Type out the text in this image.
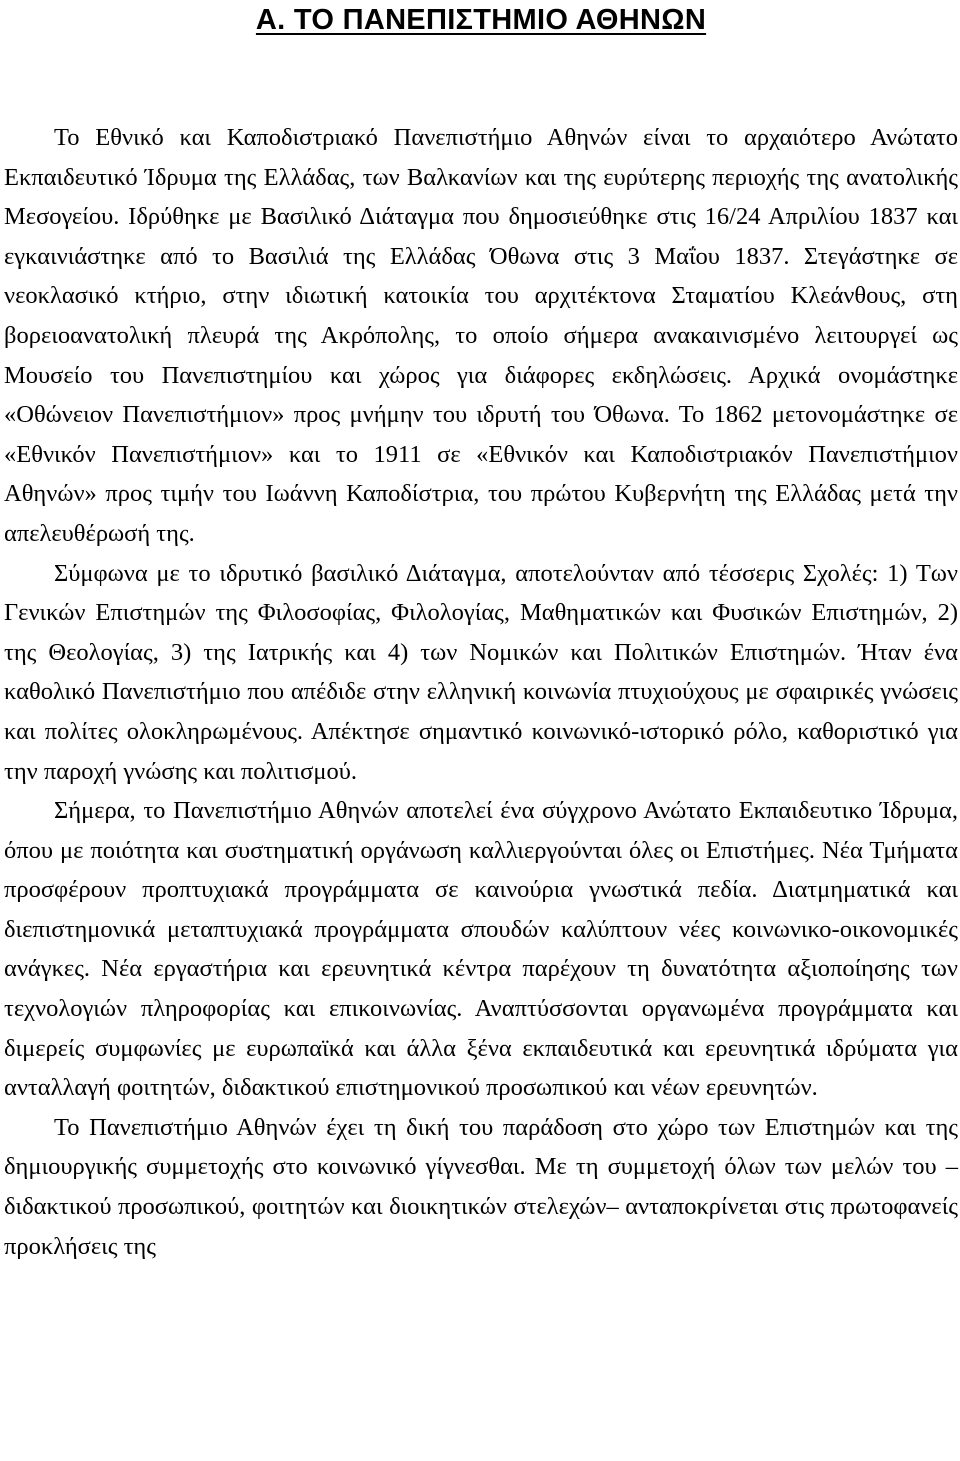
Α. ΤΟ ΠΑΝΕΠΙΣΤΗΜΙΟ ΑΘΗΝΩΝ

Το Εθνικό και Καποδιστριακό Πανεπιστήμιο Αθηνών είναι το αρχαιότερο Ανώτατο Εκπαιδευτικό Ίδρυμα της Ελλάδας, των Βαλκανίων και της ευρύτερης περιοχής της ανατολικής Μεσογείου. Ιδρύθηκε με Βασιλικό Διάταγμα που δημοσιεύθηκε στις 16/24 Απριλίου 1837 και εγκαινιάστηκε από το Βασιλιά της Ελλάδας Όθωνα στις 3 Μαΐου 1837. Στεγάστηκε σε νεοκλασικό κτήριο, στην ιδιωτική κατοικία του αρχιτέκτονα Σταματίου Κλεάνθους, στη βορειοανατολική πλευρά της Ακρόπολης, το οποίο σήμερα ανακαινισμένο λειτουργεί ως Μουσείο του Πανεπιστημίου και χώρος για διάφορες εκδηλώσεις. Αρχικά ονομάστηκε «Οθώνειον Πανεπιστήμιον» προς μνήμην του ιδρυτή του Όθωνα. Το 1862 μετονομάστηκε σε «Εθνικόν Πανεπιστήμιον» και το 1911 σε «Εθνικόν και Καποδιστριακόν Πανεπιστήμιον Αθηνών» προς τιμήν του Ιωάννη Καποδίστρια, του πρώτου Κυβερνήτη της Ελλάδας μετά την απελευθέρωσή της.

Σύμφωνα με το ιδρυτικό βασιλικό Διάταγμα, αποτελούνταν από τέσσερις Σχολές: 1) Των Γενικών Επιστημών της Φιλοσοφίας, Φιλολογίας, Μαθηματικών και Φυσικών Επιστημών, 2) της Θεολογίας, 3) της Ιατρικής και 4) των Νομικών και Πολιτικών Επιστημών. Ήταν ένα καθολικό Πανεπιστήμιο που απέδιδε στην ελληνική κοινωνία πτυχιούχους με σφαιρικές γνώσεις και πολίτες ολοκληρωμένους. Απέκτησε σημαντικό κοινωνικό-ιστορικό ρόλο, καθοριστικό για την παροχή γνώσης και πολιτισμού.

Σήμερα, το Πανεπιστήμιο Αθηνών αποτελεί ένα σύγχρονο Ανώτατο Εκπαιδευτικο Ίδρυμα, όπου με ποιότητα και συστηματική οργάνωση καλλιεργούνται όλες οι Επιστήμες. Νέα Τμήματα προσφέρουν προπτυχιακά προγράμματα σε καινούρια γνωστικά πεδία. Διατμηματικά και διεπιστημονικά μεταπτυχιακά προγράμματα σπουδών καλύπτουν νέες κοινωνικο-οικονομικές ανάγκες. Νέα εργαστήρια και ερευνητικά κέντρα παρέχουν τη δυνατότητα αξιοποίησης των τεχνολογιών πληροφορίας και επικοινωνίας. Αναπτύσσονται οργανωμένα προγράμματα και διμερείς συμφωνίες με ευρωπαϊκά και άλλα ξένα εκπαιδευτικά και ερευνητικά ιδρύματα για ανταλλαγή φοιτητών, διδακτικού επιστημονικού προσωπικού και νέων ερευνητών.

Το Πανεπιστήμιο Αθηνών έχει τη δική του παράδοση στο χώρο των Επιστημών και της δημιουργικής συμμετοχής στο κοινωνικό γίγνεσθαι. Με τη συμμετοχή όλων των μελών του –διδακτικού προσωπικού, φοιτητών και διοικητικών στελεχών– ανταποκρίνεται στις πρωτοφανείς προκλήσεις της
